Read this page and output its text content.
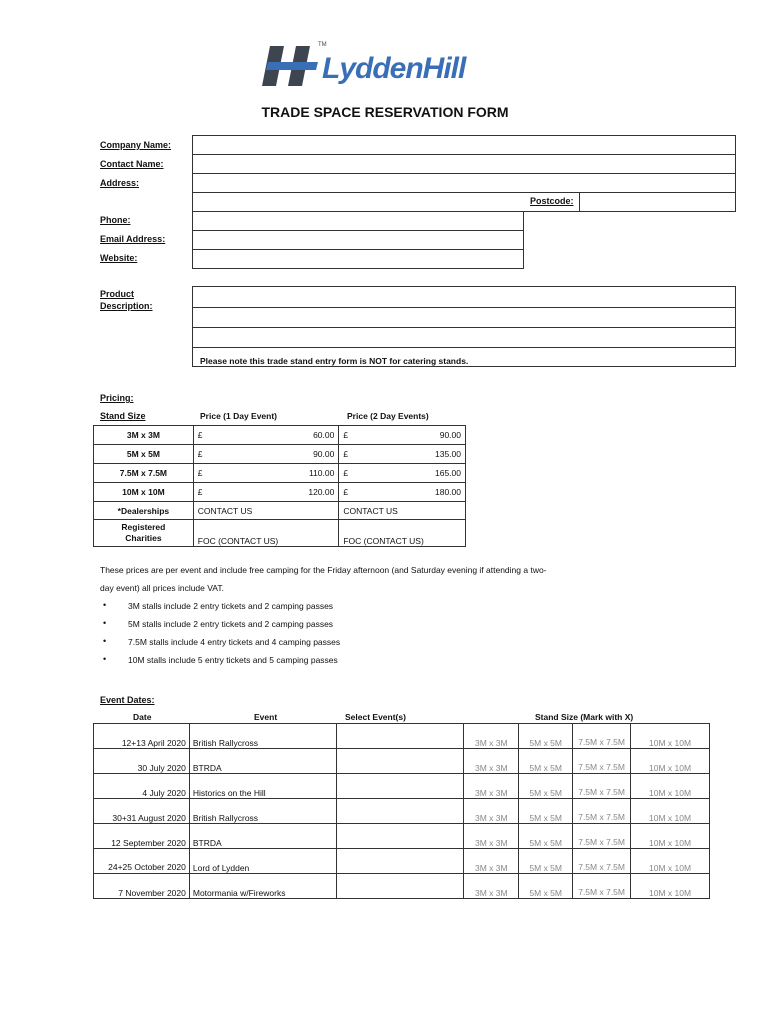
LyddenHill
TM
TRADE SPACE RESERVATION FORM
Company Name:
Contact Name:
Address:
Phone:
Email Address:
Website:
Postcode:
Product Description:
Please note this trade stand entry form is NOT for catering stands.
Pricing:
Stand Size	Price (1 Day Event)	Price (2 Day Events)
3M x 3M	£ 60.00	£ 90.00

5M x 5M	£ 90.00	£ 135.00

7.5M x 7.5M	£ 110.00	£ 165.00

10M x 10M	£ 120.00	£ 180.00

*Dealerships	CONTACT US	CONTACT US
Registered
Charities	FOC (CONTACT US)	FOC (CONTACT US)
These prices are per event and include free camping for the Friday afternoon (and Saturday evening if attending a two-
day event) all prices include VAT.
•	3M stalls include 2 entry tickets and 2 camping passes
•	5M stalls include 2 entry tickets and 2 camping passes
•	7.5M stalls include 4 entry tickets and 4 camping passes
•	10M stalls include 5 entry tickets and 5 camping passes
Event Dates:
Date	Event	Select Event(s)	Stand Size (Mark with X)
12+13 April 2020	British Rallycross		3M x 3M	5M x 5M	7.5M x 7.5M	10M x 10M
30 July 2020	BTRDA		3M x 3M	5M x 5M	7.5M x 7.5M	10M x 10M
4 July 2020	Historics on the Hill		3M x 3M	5M x 5M	7.5M x 7.5M	10M x 10M
30+31 August 2020	British Rallycross		3M x 3M	5M x 5M	7.5M x 7.5M	10M x 10M
12 September 2020	BTRDA		3M x 3M	5M x 5M	7.5M x 7.5M	10M x 10M
24+25 October 2020	Lord of Lydden		3M x 3M	5M x 5M	7.5M x 7.5M	10M x 10M
7 November 2020	Motormania w/Fireworks		3M x 3M	5M x 5M	7.5M x 7.5M	10M x 10M
